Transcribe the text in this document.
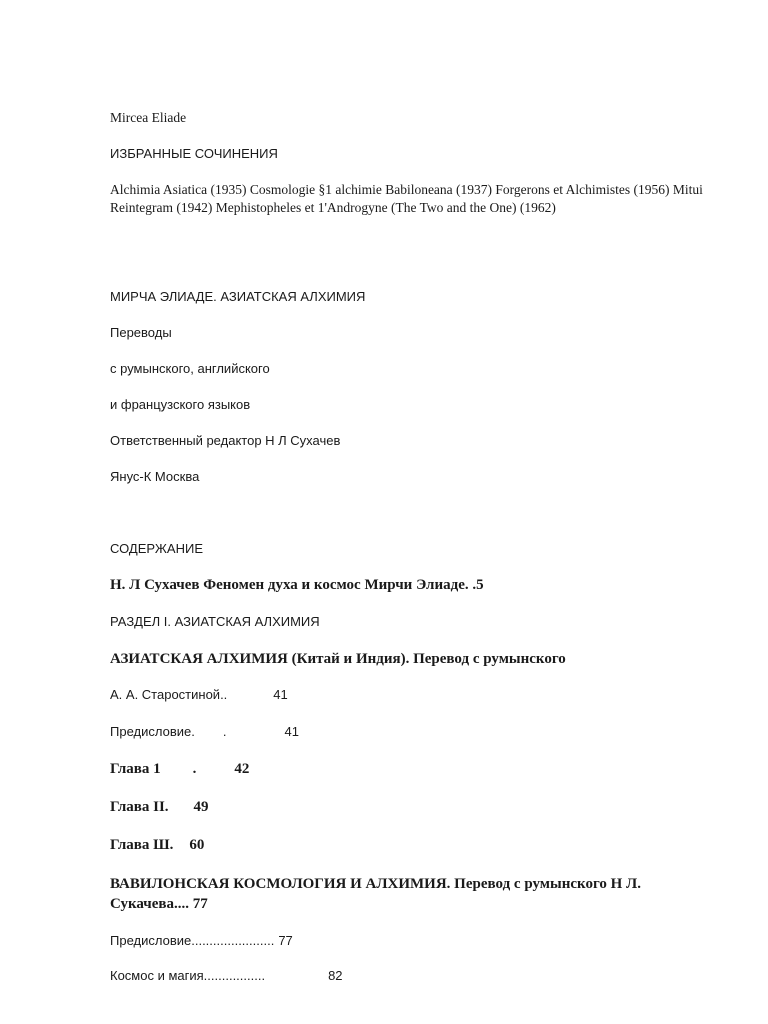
Mircea Eliade
ИЗБРАННЫЕ СОЧИНЕНИЯ
Alchimia Asiatica (1935) Cosmologie §1 alchimie Babiloneana (1937) Forgerons et Alchimistes (1956) Mitui Reintegram (1942) Mephistopheles et 1'Androgyne (The Two and the One) (1962)
МИРЧА ЭЛИАДЕ. АЗИАТСКАЯ АЛХИМИЯ
Переводы
с румынского, английского
и французского языков
Ответственный редактор Н Л Сухачев
Янус-К Москва
СОДЕРЖАНИЕ
Н. Л Сухачев Феномен духа и космос Мирчи Элиаде. .5
РАЗДЕЛ I. АЗИАТСКАЯ АЛХИМИЯ
АЗИАТСКАЯ АЛХИМИЯ (Китай и Индия). Перевод с румынского
А. А. Старостиной..	41
Предисловие. .	41
Глава 1 .	42
Глава II. 49
Глава Ш. 60
ВАВИЛОНСКАЯ КОСМОЛОГИЯ И АЛХИМИЯ. Перевод с румынского Н Л. Сукачева.... 77
Предисловие....................... 77
Космос и магия.................	82
